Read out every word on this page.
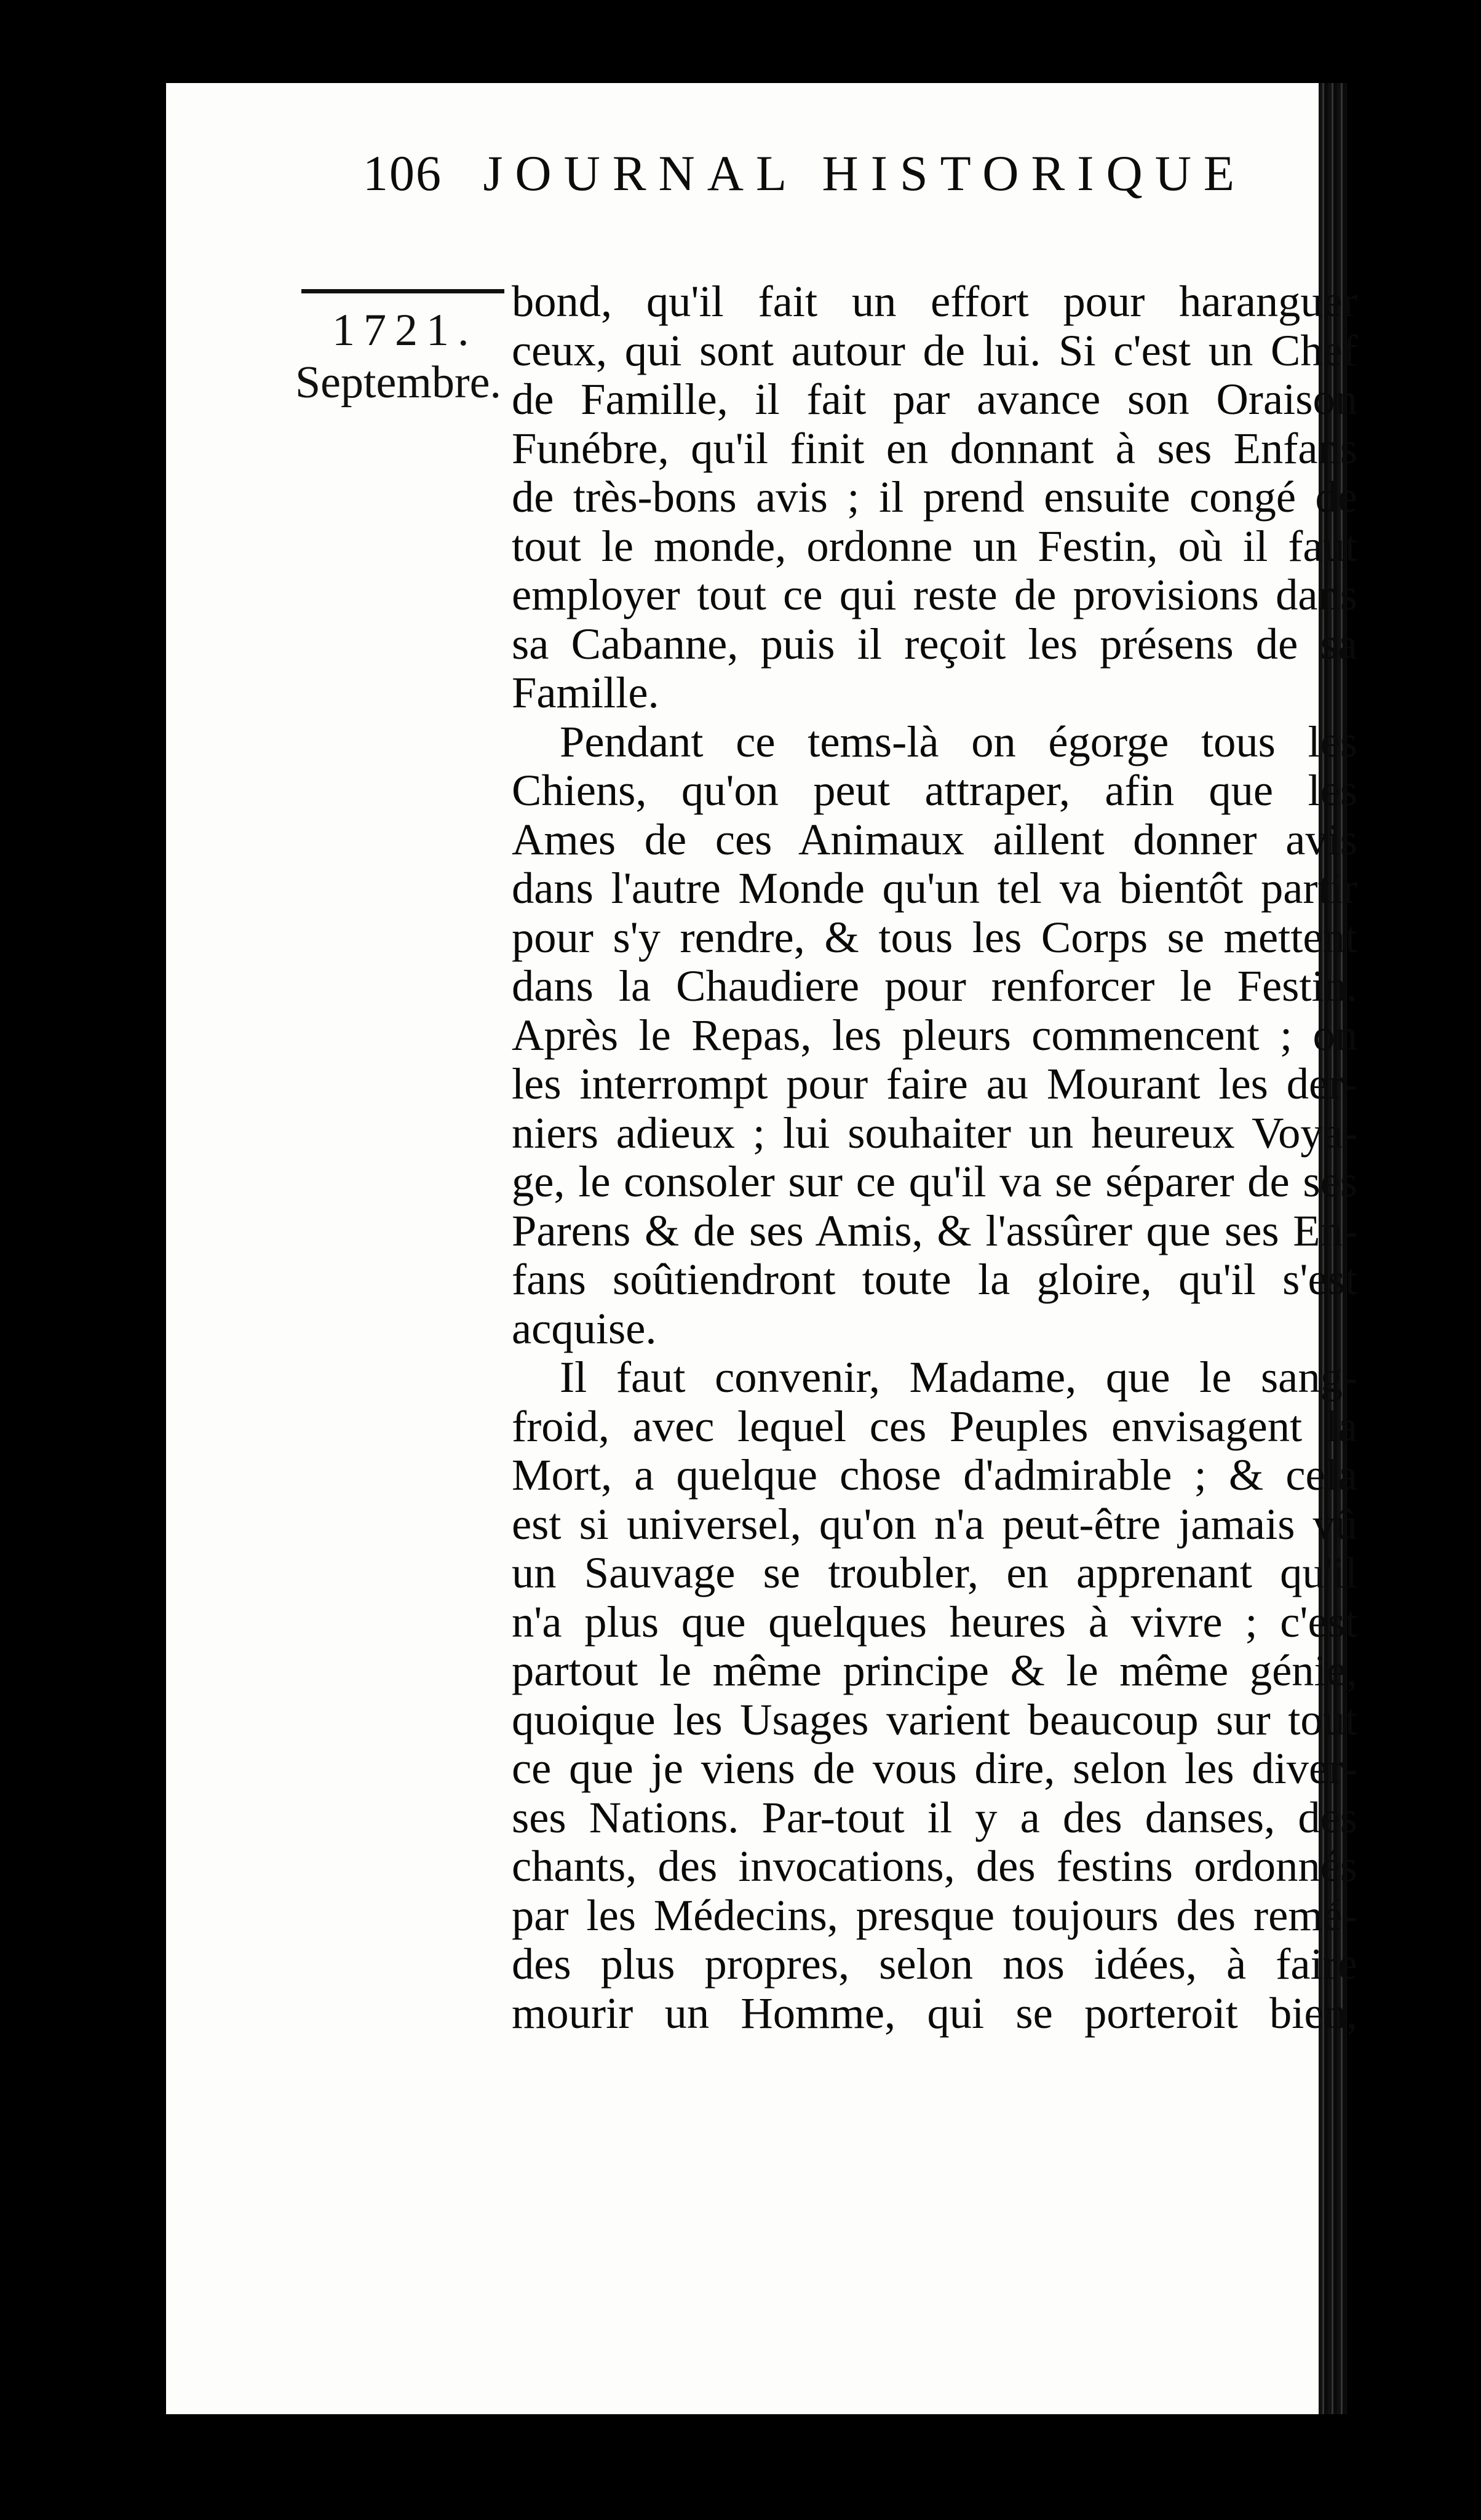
106 JOURNAL HISTORIQUE
1721.
Septembre.
bond, qu'il fait un effort pour haranguer
ceux, qui sont autour de lui. Si c'est un Chef
de Famille, il fait par avance son Oraison
Funébre, qu'il finit en donnant à ses Enfans
de très-bons avis ; il prend ensuite congé de
tout le monde, ordonne un Festin, où il faut
employer tout ce qui reste de provisions dans
sa Cabanne, puis il reçoit les présens de sa
Famille.
Pendant ce tems-là on égorge tous les
Chiens, qu'on peut attraper, afin que les
Ames de ces Animaux aillent donner avis
dans l'autre Monde qu'un tel va bientôt partir
pour s'y rendre, & tous les Corps se mettent
dans la Chaudiere pour renforcer le Festin.
Après le Repas, les pleurs commencent ; on
les interrompt pour faire au Mourant les der-
niers adieux ; lui souhaiter un heureux Voya-
ge, le consoler sur ce qu'il va se séparer de ses
Parens & de ses Amis, & l'assûrer que ses En-
fans soûtiendront toute la gloire, qu'il s'est
acquise.
Il faut convenir, Madame, que le sang-
froid, avec lequel ces Peuples envisagent la
Mort, a quelque chose d'admirable ; & cela
est si universel, qu'on n'a peut-être jamais vû
un Sauvage se troubler, en apprenant qu'il
n'a plus que quelques heures à vivre ; c'est
partout le même principe & le même génie,
quoique les Usages varient beaucoup sur tout
ce que je viens de vous dire, selon les diver-
ses Nations. Par-tout il y a des danses, des
chants, des invocations, des festins ordonnés
par les Médecins, presque toujours des remé-
des plus propres, selon nos idées, à faire
mourir un Homme, qui se porteroit bien,
